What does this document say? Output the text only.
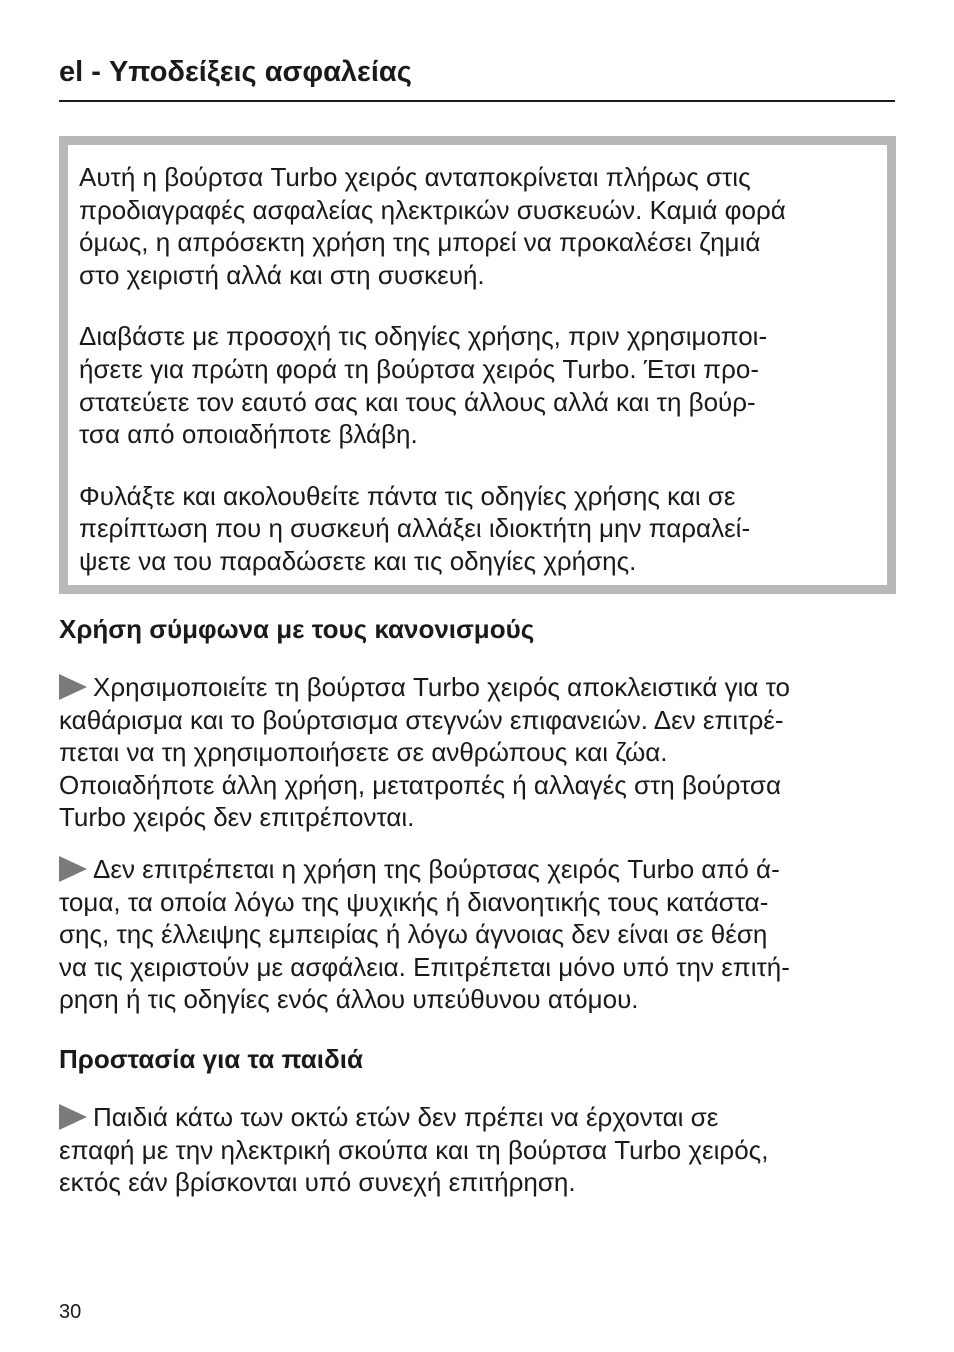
el - Υποδείξεις ασφαλείας

Αυτή η βούρτσα Turbo χειρός ανταποκρίνεται πλήρως στις
προδιαγραφές ασφαλείας ηλεκτρικών συσκευών. Καμιά φορά
όμως, η απρόσεκτη χρήση της μπορεί να προκαλέσει ζημιά
στο χειριστή αλλά και στη συσκευή.

Διαβάστε με προσοχή τις οδηγίες χρήσης, πριν χρησιμοποι-
ήσετε για πρώτη φορά τη βούρτσα χειρός Turbo. Έτσι προ-
στατεύετε τον εαυτό σας και τους άλλους αλλά και τη βούρ-
τσα από οποιαδήποτε βλάβη.

Φυλάξτε και ακολουθείτε πάντα τις οδηγίες χρήσης και σε
περίπτωση που η συσκευή αλλάξει ιδιοκτήτη μην παραλεί-
ψετε να του παραδώσετε και τις οδηγίες χρήσης.

Χρήση σύμφωνα με τους κανονισμούς

Χρησιμοποιείτε τη βούρτσα Turbo χειρός αποκλειστικά για το
καθάρισμα και το βούρτσισμα στεγνών επιφανειών. Δεν επιτρέ-
πεται να τη χρησιμοποιήσετε σε ανθρώπους και ζώα.
Οποιαδήποτε άλλη χρήση, μετατροπές ή αλλαγές στη βούρτσα
Turbo χειρός δεν επιτρέπονται.

Δεν επιτρέπεται η χρήση της βούρτσας χειρός Turbo από ά-
τομα, τα οποία λόγω της ψυχικής ή διανοητικής τους κατάστα-
σης, της έλλειψης εμπειρίας ή λόγω άγνοιας δεν είναι σε θέση
να τις χειριστούν με ασφάλεια. Επιτρέπεται μόνο υπό την επιτή-
ρηση ή τις οδηγίες ενός άλλου υπεύθυνου ατόμου.

Προστασία για τα παιδιά

Παιδιά κάτω των οκτώ ετών δεν πρέπει να έρχονται σε
επαφή με την ηλεκτρική σκούπα και τη βούρτσα Turbo χειρός,
εκτός εάν βρίσκονται υπό συνεχή επιτήρηση.

30
